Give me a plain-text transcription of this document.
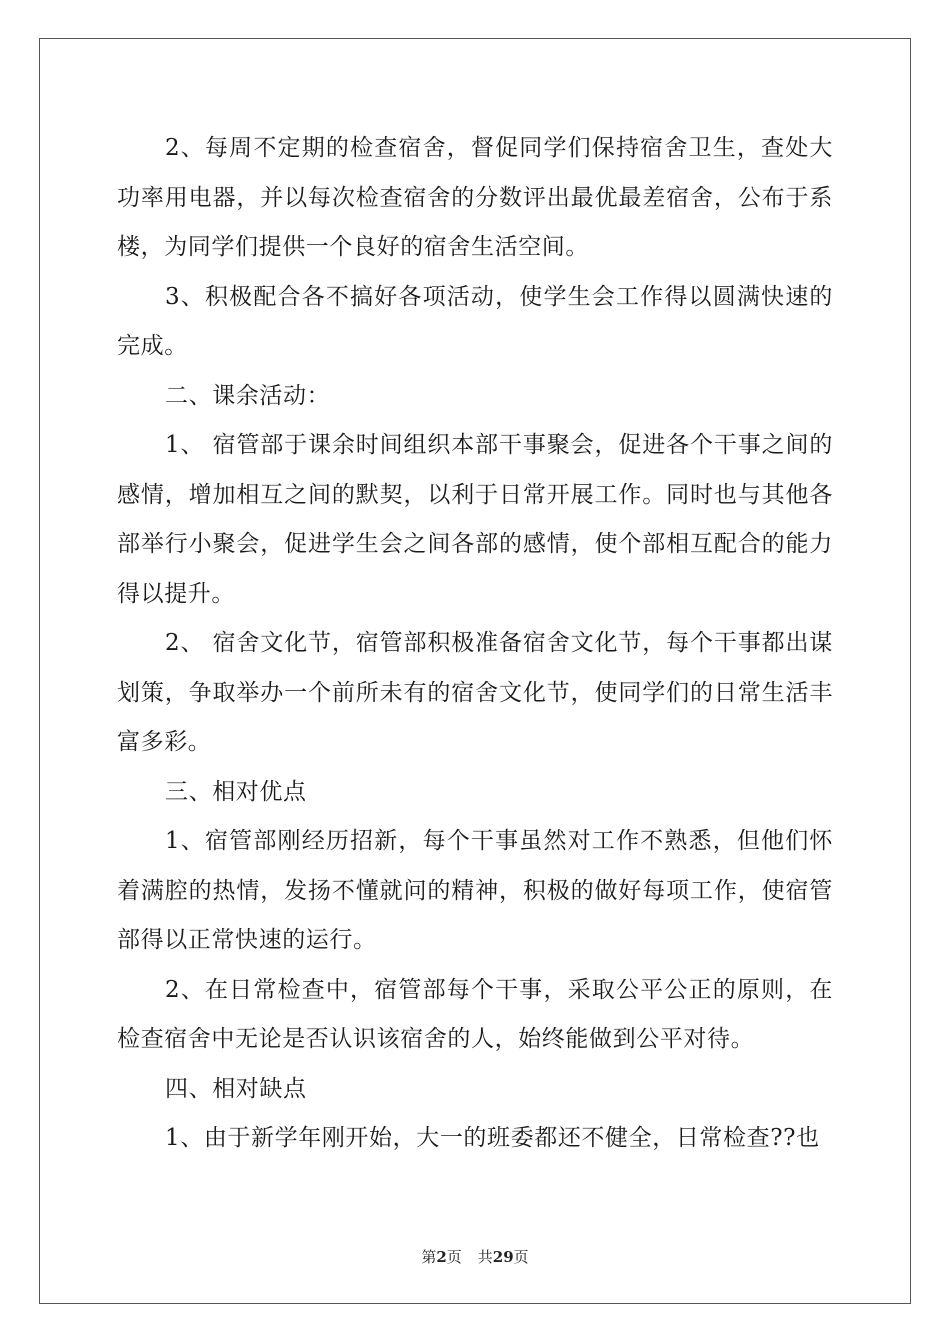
2、每周不定期的检查宿舍，督促同学们保持宿舍卫生，查处大功率用电器，并以每次检查宿舍的分数评出最优最差宿舍，公布于系楼，为同学们提供一个良好的宿舍生活空间。

3、积极配合各不搞好各项活动，使学生会工作得以圆满快速的完成。

二、课余活动：

1、 宿管部于课余时间组织本部干事聚会，促进各个干事之间的感情，增加相互之间的默契，以利于日常开展工作。同时也与其他各部举行小聚会，促进学生会之间各部的感情，使个部相互配合的能力得以提升。

2、 宿舍文化节，宿管部积极准备宿舍文化节，每个干事都出谋划策，争取举办一个前所未有的宿舍文化节，使同学们的日常生活丰富多彩。

三、相对优点

1、宿管部刚经历招新，每个干事虽然对工作不熟悉，但他们怀着满腔的热情，发扬不懂就问的精神，积极的做好每项工作，使宿管部得以正常快速的运行。

2、在日常检查中，宿管部每个干事，采取公平公正的原则，在检查宿舍中无论是否认识该宿舍的人，始终能做到公平对待。

四、相对缺点

1、由于新学年刚开始，大一的班委都还不健全，日常检查??也

第2页 共29页
